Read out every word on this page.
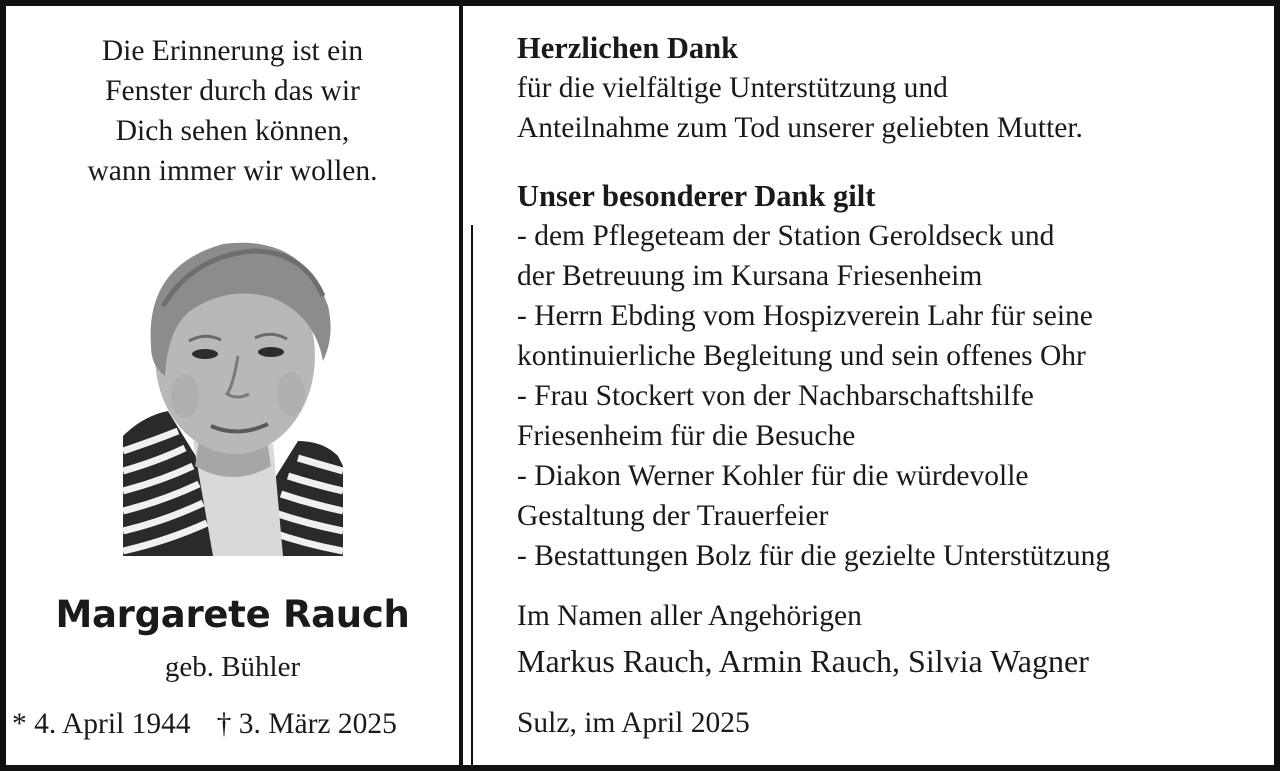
Die Erinnerung ist ein
Fenster durch das wir
Dich sehen können,
wann immer wir wollen.
Margarete Rauch
geb. Bühler
* 4. April 1944 † 3. März 2025
Herzlichen Dank
für die vielfältige Unterstützung und
Anteilnahme zum Tod unserer geliebten Mutter.
Unser besonderer Dank gilt
- dem Pflegeteam der Station Geroldseck und
der Betreuung im Kursana Friesenheim
- Herrn Ebding vom Hospizverein Lahr für seine
kontinuierliche Begleitung und sein offenes Ohr
- Frau Stockert von der Nachbarschaftshilfe
Friesenheim für die Besuche
- Diakon Werner Kohler für die würdevolle
Gestaltung der Trauerfeier
- Bestattungen Bolz für die gezielte Unterstützung
Im Namen aller Angehörigen
Markus Rauch, Armin Rauch, Silvia Wagner
Sulz, im April 2025
